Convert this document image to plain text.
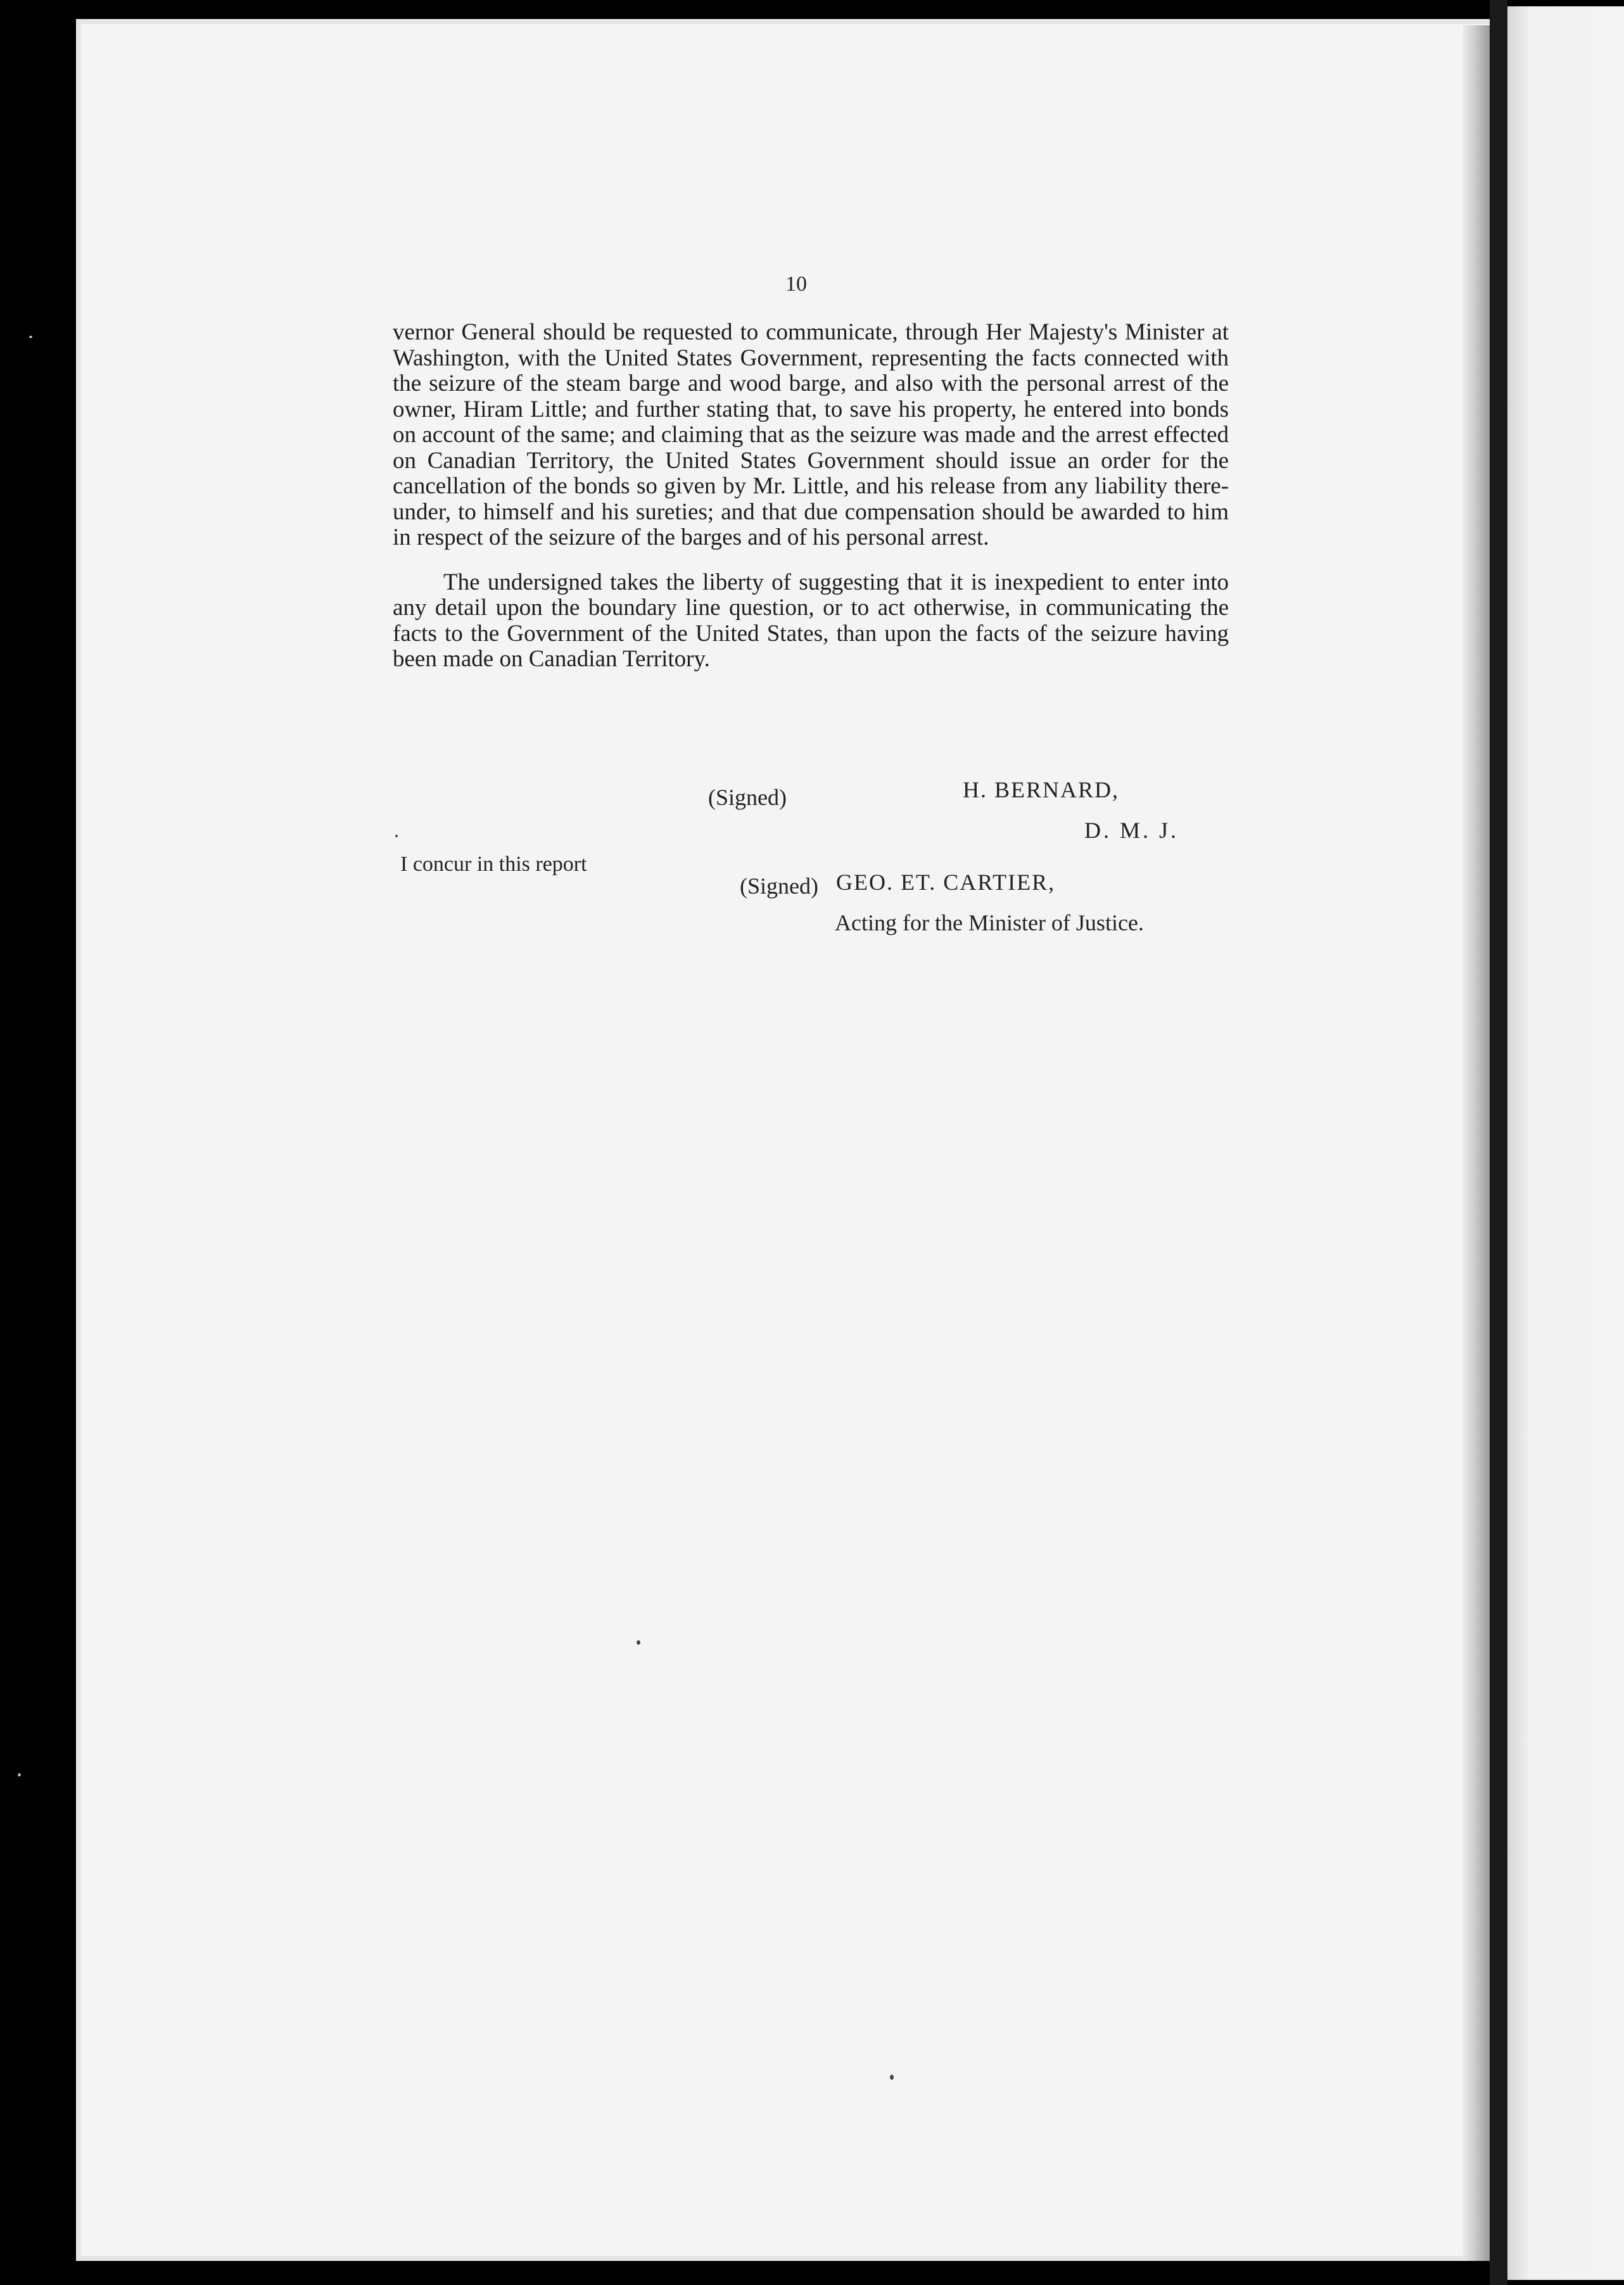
10

vernor General should be requested to communicate, through Her Majesty's Minister at Washington, with the United States Government, representing the facts connected with the seizure of the steam barge and wood barge, and also with the personal arrest of the owner, Hiram Little; and further stating that, to save his property, he entered into bonds on account of the same; and claiming that as the seizure was made and the arrest effected on Canadian Territory, the United States Government should issue an order for the cancellation of the bonds so given by Mr. Little, and his release from any liability there-under, to himself and his sureties; and that due compensation should be awarded to him in respect of the seizure of the barges and of his personal arrest.

The undersigned takes the liberty of suggesting that it is inexpedient to enter into any detail upon the boundary line question, or to act otherwise, in communicating the facts to the Government of the United States, than upon the facts of the seizure having been made on Canadian Territory.

(Signed)	H. BERNARD,
D. M. J.
I concur in this report
(Signed) GEO. ET. CARTIER,
Acting for the Minister of Justice.
